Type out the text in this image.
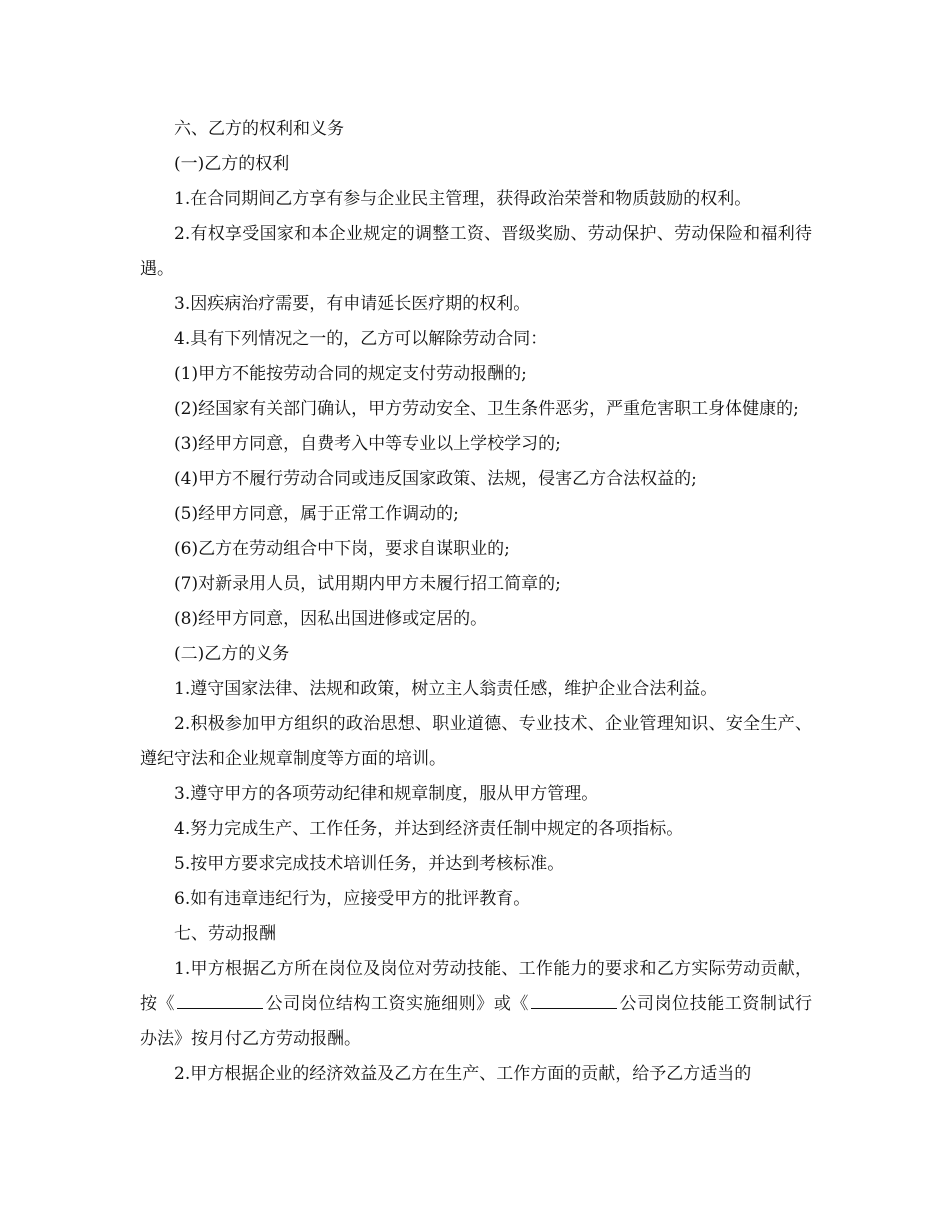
六、乙方的权利和义务

(一)乙方的权利

1.在合同期间乙方享有参与企业民主管理，获得政治荣誉和物质鼓励的权利。

2.有权享受国家和本企业规定的调整工资、晋级奖励、劳动保护、劳动保险和福利待遇。

3.因疾病治疗需要，有申请延长医疗期的权利。

4.具有下列情况之一的，乙方可以解除劳动合同：

(1)甲方不能按劳动合同的规定支付劳动报酬的;

(2)经国家有关部门确认，甲方劳动安全、卫生条件恶劣，严重危害职工身体健康的;

(3)经甲方同意，自费考入中等专业以上学校学习的;

(4)甲方不履行劳动合同或违反国家政策、法规，侵害乙方合法权益的;

(5)经甲方同意，属于正常工作调动的;

(6)乙方在劳动组合中下岗，要求自谋职业的;

(7)对新录用人员，试用期内甲方未履行招工简章的;

(8)经甲方同意，因私出国进修或定居的。

(二)乙方的义务

1.遵守国家法律、法规和政策，树立主人翁责任感，维护企业合法利益。

2.积极参加甲方组织的政治思想、职业道德、专业技术、企业管理知识、安全生产、遵纪守法和企业规章制度等方面的培训。

3.遵守甲方的各项劳动纪律和规章制度，服从甲方管理。

4.努力完成生产、工作任务，并达到经济责任制中规定的各项指标。

5.按甲方要求完成技术培训任务，并达到考核标准。

6.如有违章违纪行为，应接受甲方的批评教育。

七、劳动报酬

1.甲方根据乙方所在岗位及岗位对劳动技能、工作能力的要求和乙方实际劳动贡献，按《	公司岗位结构工资实施细则》或《	公司岗位技能工资制试行办法》按月付乙方劳动报酬。

2.甲方根据企业的经济效益及乙方在生产、工作方面的贡献，给予乙方适当的
